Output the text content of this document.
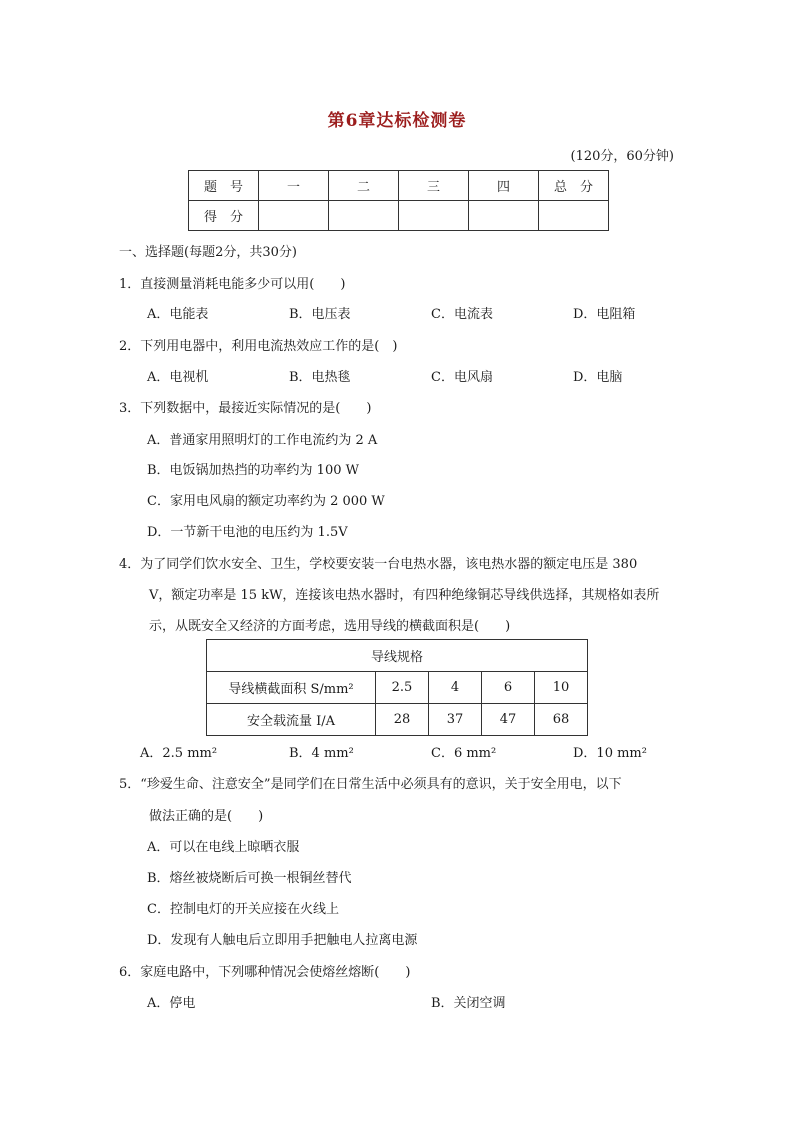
第6章达标检测卷
(120分，60分钟)
题　号	一	二	三	四	总　分
得　分					
一、选择题(每题2分，共30分)
1．直接测量消耗电能多少可以用(　　)
A．电能表	B．电压表	C．电流表	D．电阻箱
2．下列用电器中，利用电流热效应工作的是(　)
A．电视机	B．电热毯	C．电风扇	D．电脑
3．下列数据中，最接近实际情况的是(　　)
A．普通家用照明灯的工作电流约为 2 A
B．电饭锅加热挡的功率约为 100 W
C．家用电风扇的额定功率约为 2 000 W
D．一节新干电池的电压约为 1.5V
4．为了同学们饮水安全、卫生，学校要安装一台电热水器，该电热水器的额定电压是 380
V，额定功率是 15 kW，连接该电热水器时，有四种绝缘铜芯导线供选择，其规格如表所
示，从既安全又经济的方面考虑，选用导线的横截面积是(　　)
导线规格				
导线横截面积 S/mm²	2.5	4	6	10
安全载流量 I/A	28	37	47	68
A．2.5 mm²	B．4 mm²	C．6 mm²	D．10 mm²
5．“珍爱生命、注意安全”是同学们在日常生活中必须具有的意识，关于安全用电，以下
做法正确的是(　　)
A．可以在电线上晾晒衣服
B．熔丝被烧断后可换一根铜丝替代
C．控制电灯的开关应接在火线上
D．发现有人触电后立即用手把触电人拉离电源
6．家庭电路中，下列哪种情况会使熔丝熔断(　　)
A．停电	B．关闭空调
